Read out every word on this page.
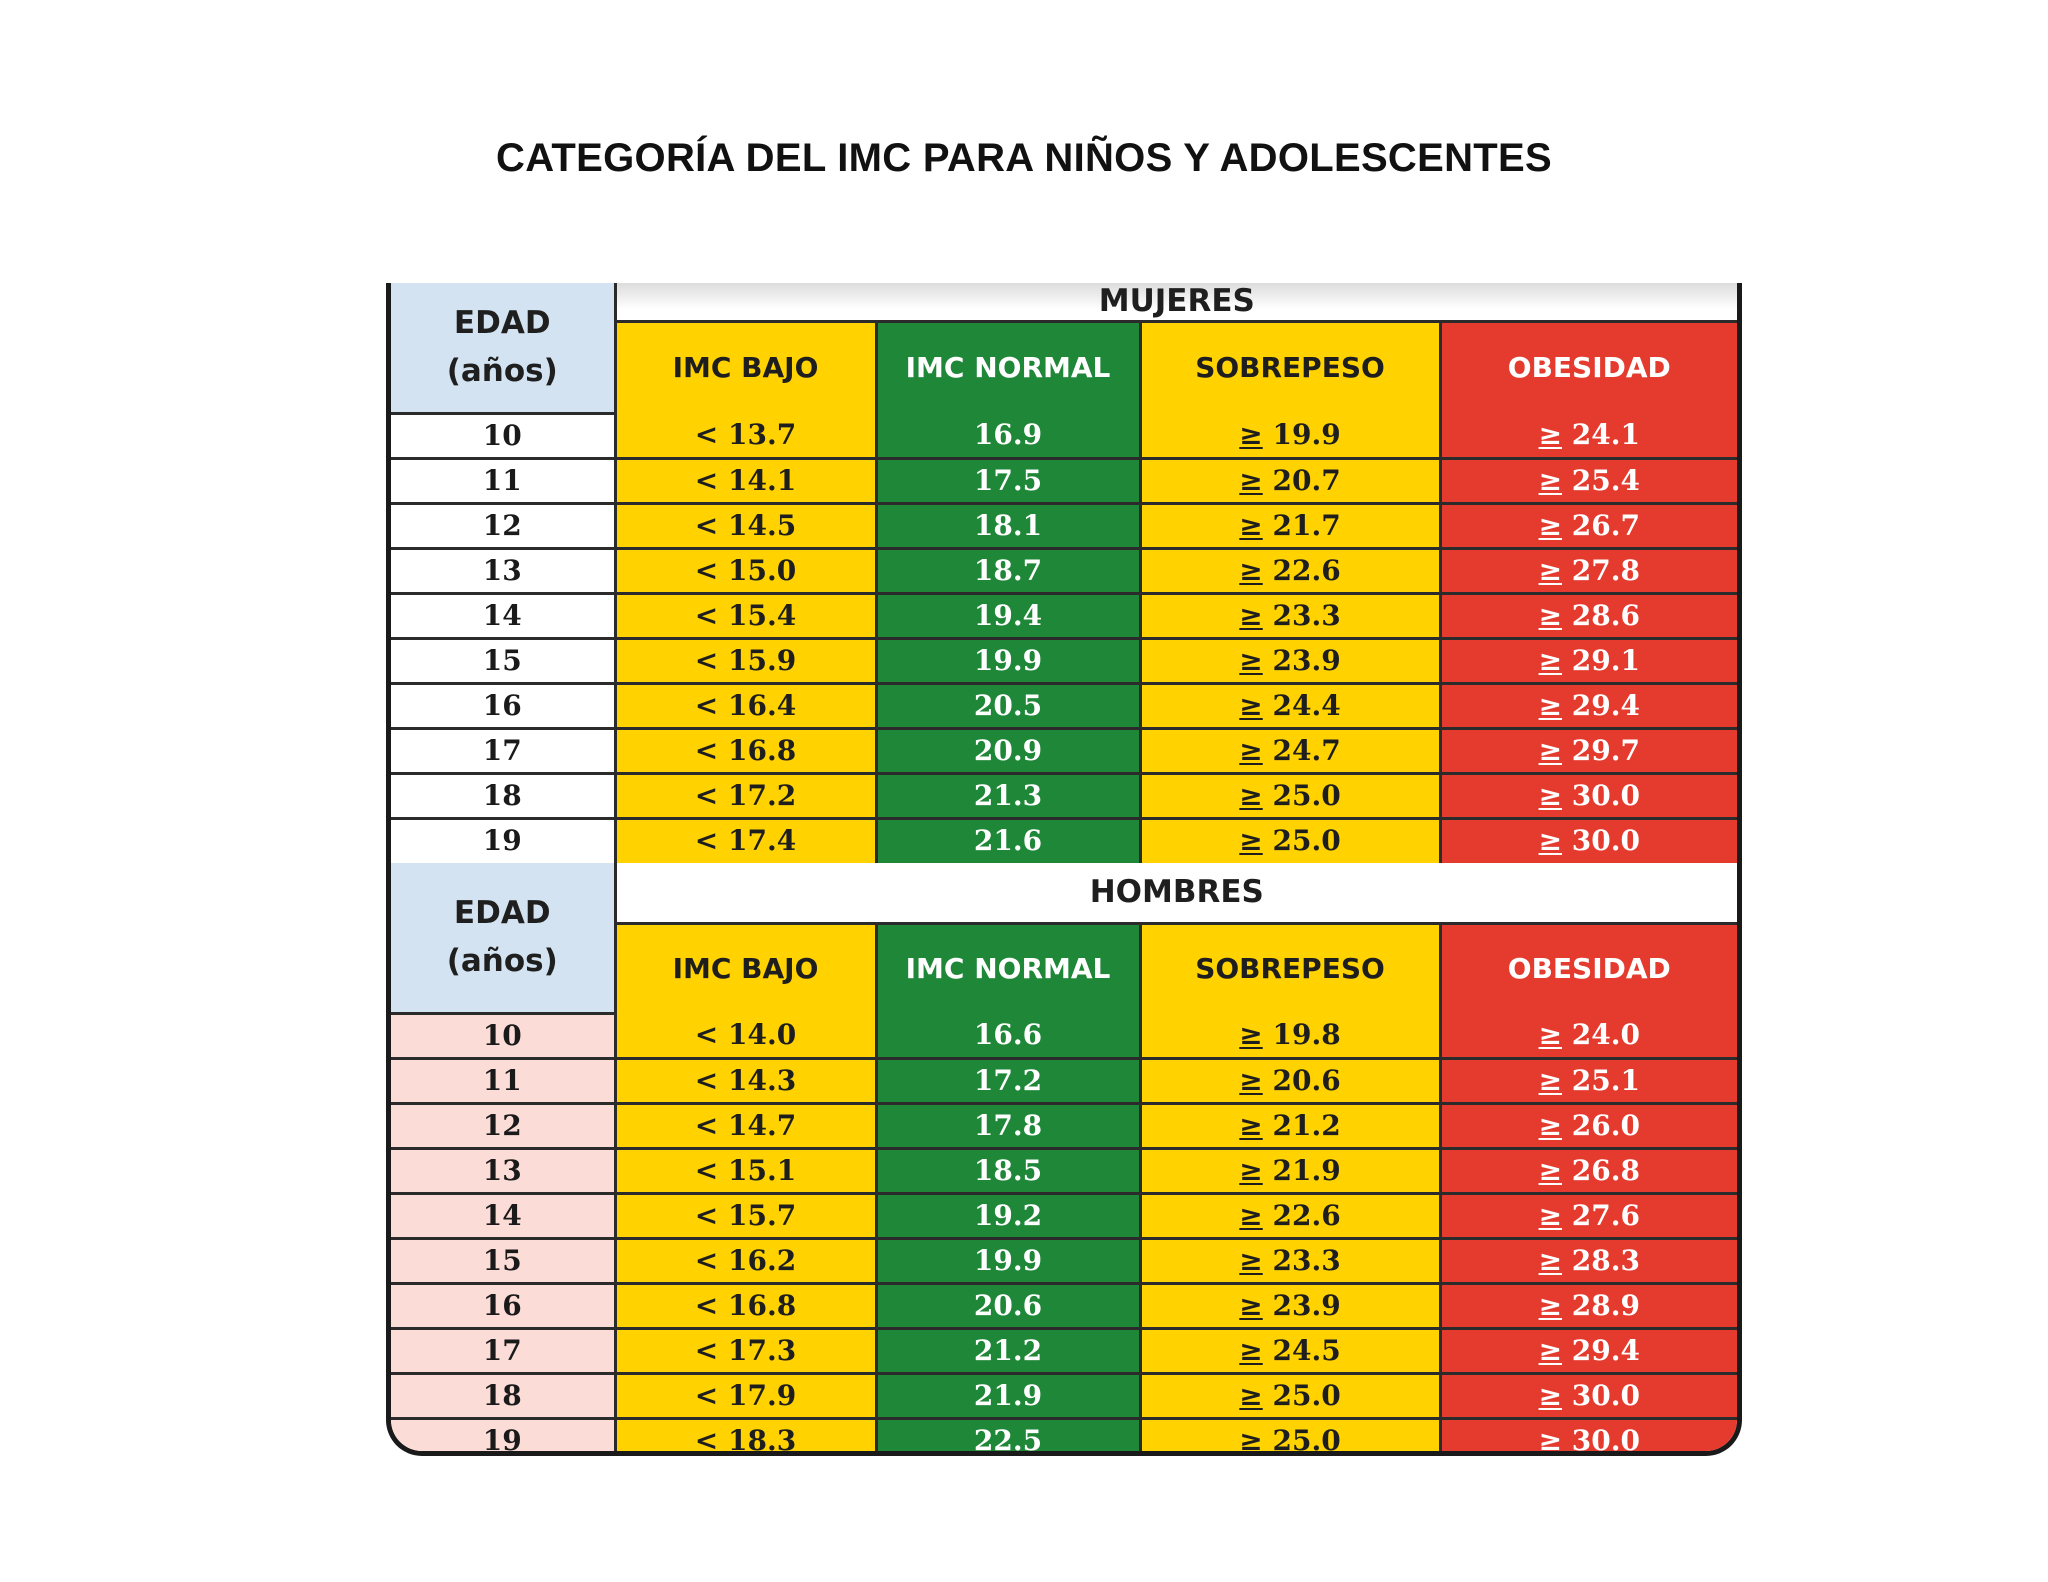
CATEGORÍA DEL IMC PARA NIÑOS Y ADOLESCENTES
EDAD
(años)	MUJERES			
	IMC BAJO	IMC NORMAL	SOBREPESO	OBESIDAD
10	< 13.7	16.9	≥ 19.9	≥ 24.1
11	< 14.1	17.5	≥ 20.7	≥ 25.4
12	< 14.5	18.1	≥ 21.7	≥ 26.7
13	< 15.0	18.7	≥ 22.6	≥ 27.8
14	< 15.4	19.4	≥ 23.3	≥ 28.6
15	< 15.9	19.9	≥ 23.9	≥ 29.1
16	< 16.4	20.5	≥ 24.4	≥ 29.4
17	< 16.8	20.9	≥ 24.7	≥ 29.7
18	< 17.2	21.3	≥ 25.0	≥ 30.0
19	< 17.4	21.6	≥ 25.0	≥ 30.0
EDAD
(años)	HOMBRES			
	IMC BAJO	IMC NORMAL	SOBREPESO	OBESIDAD
10	< 14.0	16.6	≥ 19.8	≥ 24.0
11	< 14.3	17.2	≥ 20.6	≥ 25.1
12	< 14.7	17.8	≥ 21.2	≥ 26.0
13	< 15.1	18.5	≥ 21.9	≥ 26.8
14	< 15.7	19.2	≥ 22.6	≥ 27.6
15	< 16.2	19.9	≥ 23.3	≥ 28.3
16	< 16.8	20.6	≥ 23.9	≥ 28.9
17	< 17.3	21.2	≥ 24.5	≥ 29.4
18	< 17.9	21.9	≥ 25.0	≥ 30.0
19	< 18.3	22.5	≥ 25.0	≥ 30.0
